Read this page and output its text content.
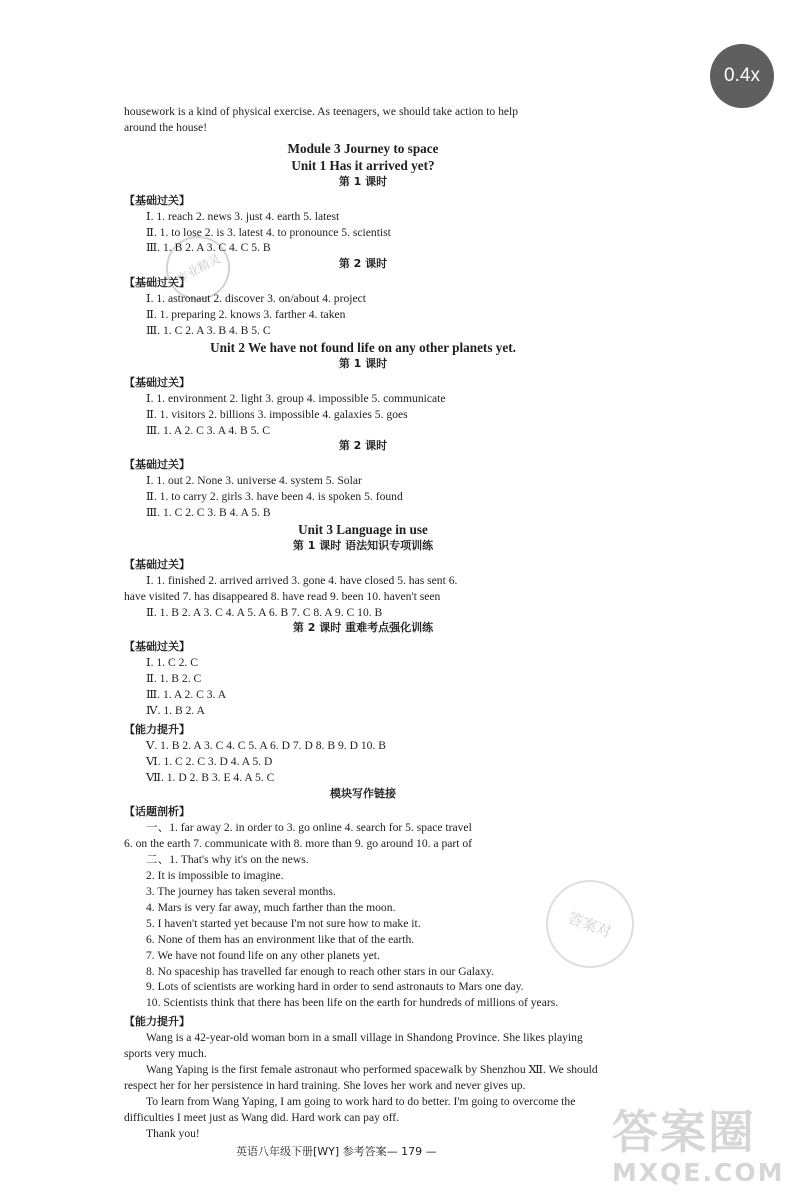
0.4x
作业精灵
答案对

housework is a kind of physical exercise. As teenagers, we should take action to help

around the house!

Module 3 Journey to space

Unit 1 Has it arrived yet?

第 1 课时

【基础过关】

Ⅰ. 1. reach 2. news 3. just 4. earth 5. latest

Ⅱ. 1. to lose 2. is 3. latest 4. to pronounce 5. scientist

Ⅲ. 1. B 2. A 3. C 4. C 5. B

第 2 课时

【基础过关】

Ⅰ. 1. astronaut 2. discover 3. on/about 4. project

Ⅱ. 1. preparing 2. knows 3. farther 4. taken

Ⅲ. 1. C 2. A 3. B 4. B 5. C

Unit 2 We have not found life on any other planets yet.

第 1 课时

【基础过关】

Ⅰ. 1. environment 2. light 3. group 4. impossible 5. communicate

Ⅱ. 1. visitors 2. billions 3. impossible 4. galaxies 5. goes

Ⅲ. 1. A 2. C 3. A 4. B 5. C

第 2 课时

【基础过关】

Ⅰ. 1. out 2. None 3. universe 4. system 5. Solar

Ⅱ. 1. to carry 2. girls 3. have been 4. is spoken 5. found

Ⅲ. 1. C 2. C 3. B 4. A 5. B

Unit 3 Language in use

第 1 课时 语法知识专项训练

【基础过关】

Ⅰ. 1. finished 2. arrived arrived 3. gone 4. have closed 5. has sent 6.

have visited 7. has disappeared 8. have read 9. been 10. haven't seen

Ⅱ. 1. B 2. A 3. C 4. A 5. A 6. B 7. C 8. A 9. C 10. B

第 2 课时 重难考点强化训练

【基础过关】

Ⅰ. 1. C 2. C

Ⅱ. 1. B 2. C

Ⅲ. 1. A 2. C 3. A

Ⅳ. 1. B 2. A

【能力提升】

Ⅴ. 1. B 2. A 3. C 4. C 5. A 6. D 7. D 8. B 9. D 10. B

Ⅵ. 1. C 2. C 3. D 4. A 5. D

Ⅶ. 1. D 2. B 3. E 4. A 5. C

模块写作链接

【话题剖析】

一、1. far away 2. in order to 3. go online 4. search for 5. space travel

6. on the earth 7. communicate with 8. more than 9. go around 10. a part of

二、1. That's why it's on the news.

2. It is impossible to imagine.

3. The journey has taken several months.

4. Mars is very far away, much farther than the moon.

5. I haven't started yet because I'm not sure how to make it.

6. None of them has an environment like that of the earth.

7. We have not found life on any other planets yet.

8. No spaceship has travelled far enough to reach other stars in our Galaxy.

9. Lots of scientists are working hard in order to send astronauts to Mars one day.

10. Scientists think that there has been life on the earth for hundreds of millions of years.

【能力提升】

Wang is a 42-year-old woman born in a small village in Shandong Province. She likes playing sports very much.

Wang Yaping is the first female astronaut who performed spacewalk by Shenzhou Ⅻ. We should respect her for her persistence in hard training. She loves her work and never gives up.

To learn from Wang Yaping, I am going to work hard to do better. I'm going to overcome the difficulties I meet just as Wang did. Hard work can pay off.

Thank you!

英语八年级下册[WY] 参考答案— 179 —	答案圈
MXQE.COM
